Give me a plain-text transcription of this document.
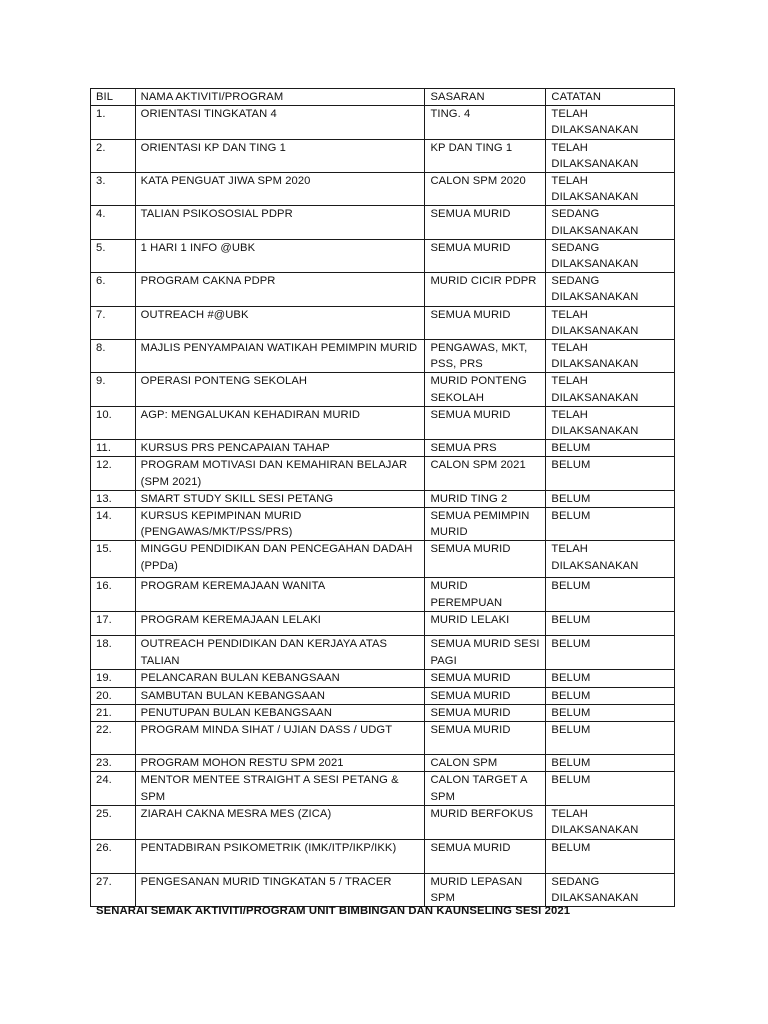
BIL	NAMA AKTIVITI/PROGRAM	SASARAN	CATATAN
1.	ORIENTASI TINGKATAN 4	TING. 4	TELAH DILAKSANAKAN
2.	ORIENTASI KP DAN TING 1	KP DAN TING 1	TELAH DILAKSANAKAN
3.	KATA PENGUAT JIWA SPM 2020	CALON SPM 2020	TELAH DILAKSANAKAN
4.	TALIAN PSIKOSOSIAL PDPR	SEMUA MURID	SEDANG DILAKSANAKAN
5.	1 HARI 1 INFO @UBK	SEMUA MURID	SEDANG DILAKSANAKAN
6.	PROGRAM CAKNA PDPR	MURID CICIR PDPR	SEDANG DILAKSANAKAN
7.	OUTREACH #@UBK	SEMUA MURID	TELAH DILAKSANAKAN
8.	MAJLIS PENYAMPAIAN WATIKAH PEMIMPIN MURID	PENGAWAS, MKT, PSS, PRS	TELAH DILAKSANAKAN
9.	OPERASI PONTENG SEKOLAH	MURID PONTENG SEKOLAH	TELAH DILAKSANAKAN
10.	AGP: MENGALUKAN KEHADIRAN MURID	SEMUA MURID	TELAH DILAKSANAKAN
11.	KURSUS PRS PENCAPAIAN TAHAP	SEMUA PRS	BELUM
12.	PROGRAM MOTIVASI DAN KEMAHIRAN BELAJAR (SPM 2021)	CALON SPM 2021	BELUM
13.	SMART STUDY SKILL SESI PETANG	MURID TING 2	BELUM
14.	KURSUS KEPIMPINAN MURID (PENGAWAS/MKT/PSS/PRS)	SEMUA PEMIMPIN MURID	BELUM
15.	MINGGU PENDIDIKAN DAN PENCEGAHAN DADAH (PPDa)	SEMUA MURID	TELAH DILAKSANAKAN
16.	PROGRAM KEREMAJAAN WANITA	MURID PEREMPUAN	BELUM
17.	PROGRAM KEREMAJAAN LELAKI	MURID LELAKI	BELUM
18.	OUTREACH PENDIDIKAN DAN KERJAYA ATAS TALIAN	SEMUA MURID SESI PAGI	BELUM
19.	PELANCARAN BULAN KEBANGSAAN	SEMUA MURID	BELUM
20.	SAMBUTAN BULAN KEBANGSAAN	SEMUA MURID	BELUM
21.	PENUTUPAN BULAN KEBANGSAAN	SEMUA MURID	BELUM
22.	PROGRAM MINDA SIHAT / UJIAN DASS / UDGT	SEMUA MURID	BELUM
23.	PROGRAM MOHON RESTU SPM 2021	CALON SPM	BELUM
24.	MENTOR MENTEE STRAIGHT A SESI PETANG & SPM	CALON TARGET A SPM	BELUM
25.	ZIARAH CAKNA MESRA MES (ZICA)	MURID BERFOKUS	TELAH DILAKSANAKAN
26.	PENTADBIRAN PSIKOMETRIK (IMK/ITP/IKP/IKK)	SEMUA MURID	BELUM
27.	PENGESANAN MURID TINGKATAN 5 / TRACER	MURID LEPASAN SPM	SEDANG DILAKSANAKAN
SENARAI SEMAK AKTIVITI/PROGRAM UNIT BIMBINGAN DAN KAUNSELING SESI 2021
